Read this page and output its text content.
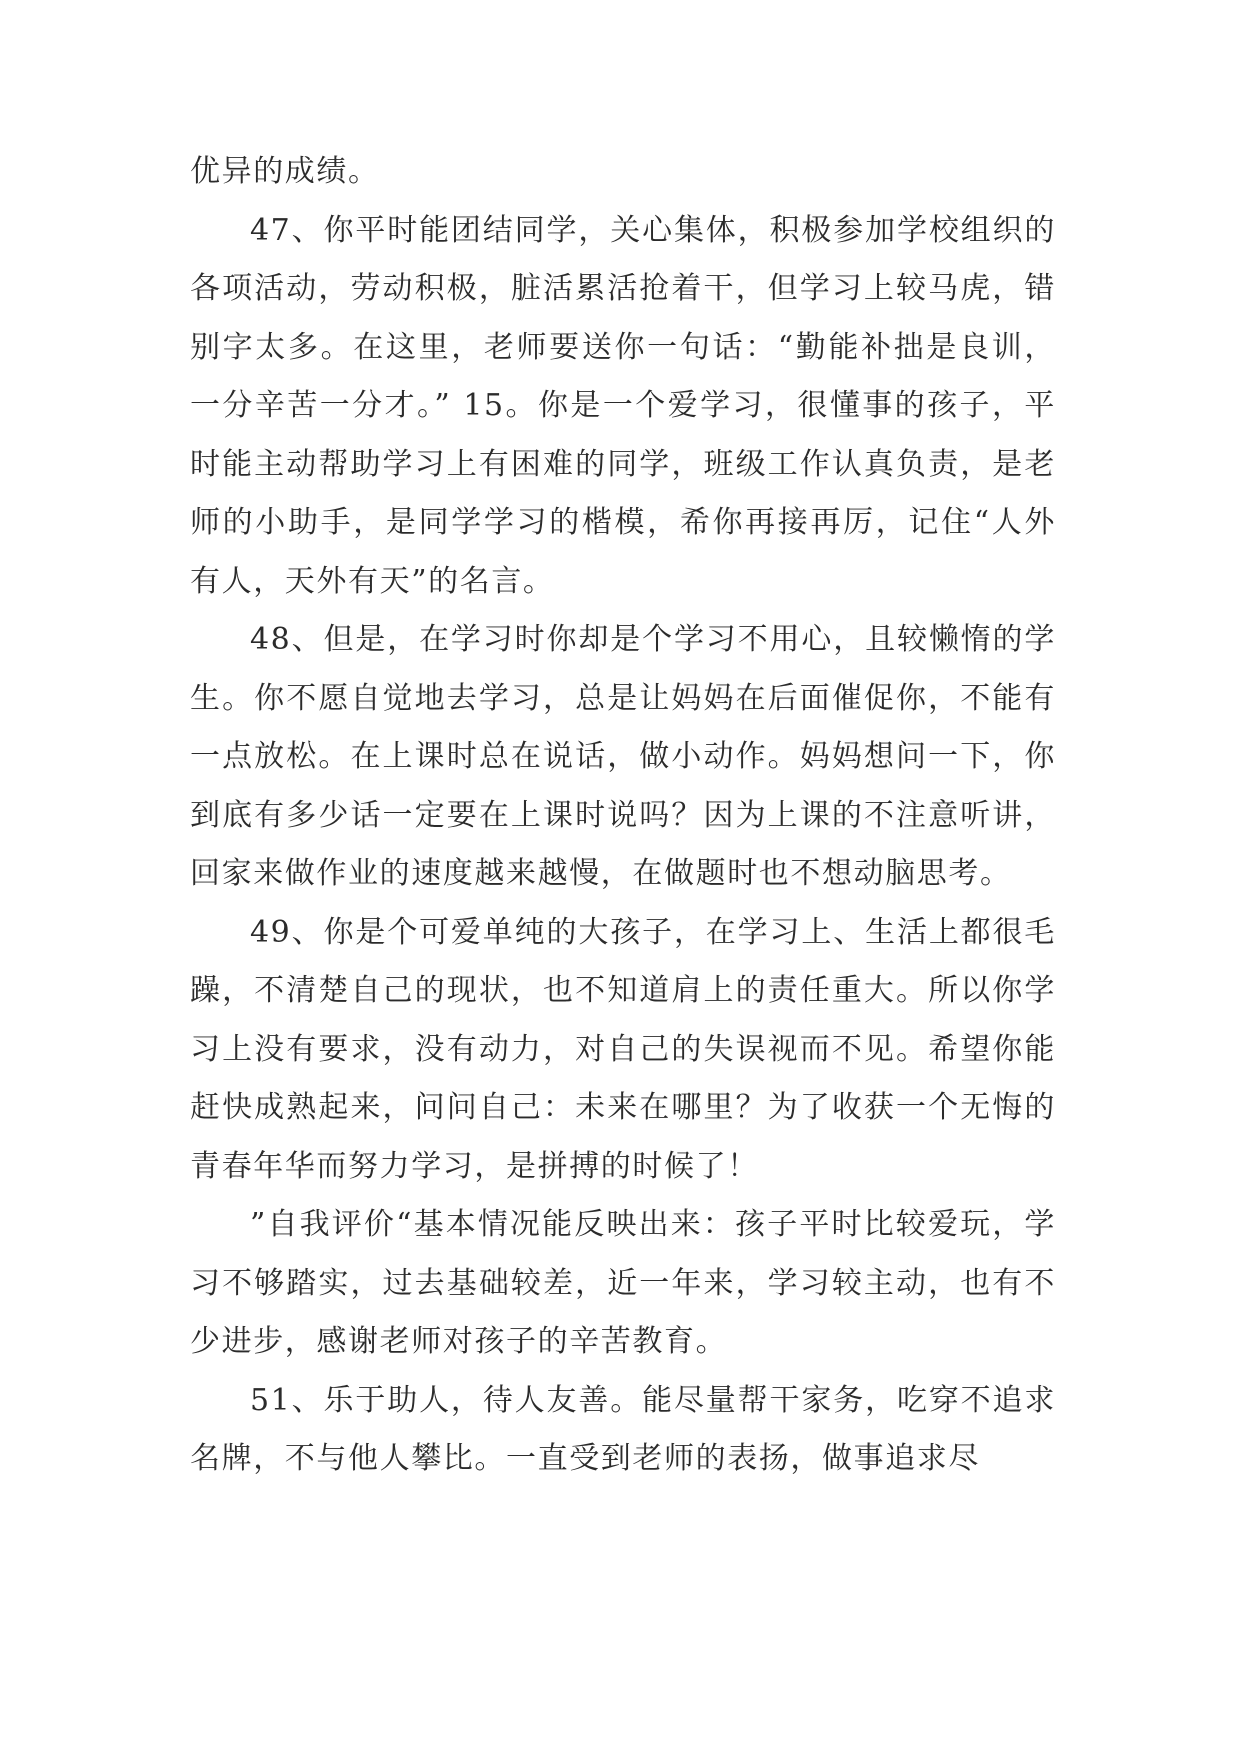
优异的成绩。

47、你平时能团结同学，关心集体，积极参加学校组织的各项活动，劳动积极，脏活累活抢着干，但学习上较马虎，错别字太多。在这里，老师要送你一句话：“勤能补拙是良训，一分辛苦一分才。” 15。你是一个爱学习，很懂事的孩子，平时能主动帮助学习上有困难的同学，班级工作认真负责，是老师的小助手，是同学学习的楷模，希你再接再厉，记住“人外有人，天外有天”的名言。

48、但是，在学习时你却是个学习不用心，且较懒惰的学生。你不愿自觉地去学习，总是让妈妈在后面催促你，不能有一点放松。在上课时总在说话，做小动作。妈妈想问一下，你到底有多少话一定要在上课时说吗？因为上课的不注意听讲，回家来做作业的速度越来越慢，在做题时也不想动脑思考。

49、你是个可爱单纯的大孩子，在学习上、生活上都很毛躁，不清楚自己的现状，也不知道肩上的责任重大。所以你学习上没有要求，没有动力，对自己的失误视而不见。希望你能赶快成熟起来，问问自己：未来在哪里？为了收获一个无悔的青春年华而努力学习，是拼搏的时候了！

”自我评价“基本情况能反映出来：孩子平时比较爱玩，学习不够踏实，过去基础较差，近一年来，学习较主动，也有不少进步，感谢老师对孩子的辛苦教育。

51、乐于助人，待人友善。能尽量帮干家务，吃穿不追求名牌，不与他人攀比。一直受到老师的表扬，做事追求尽
